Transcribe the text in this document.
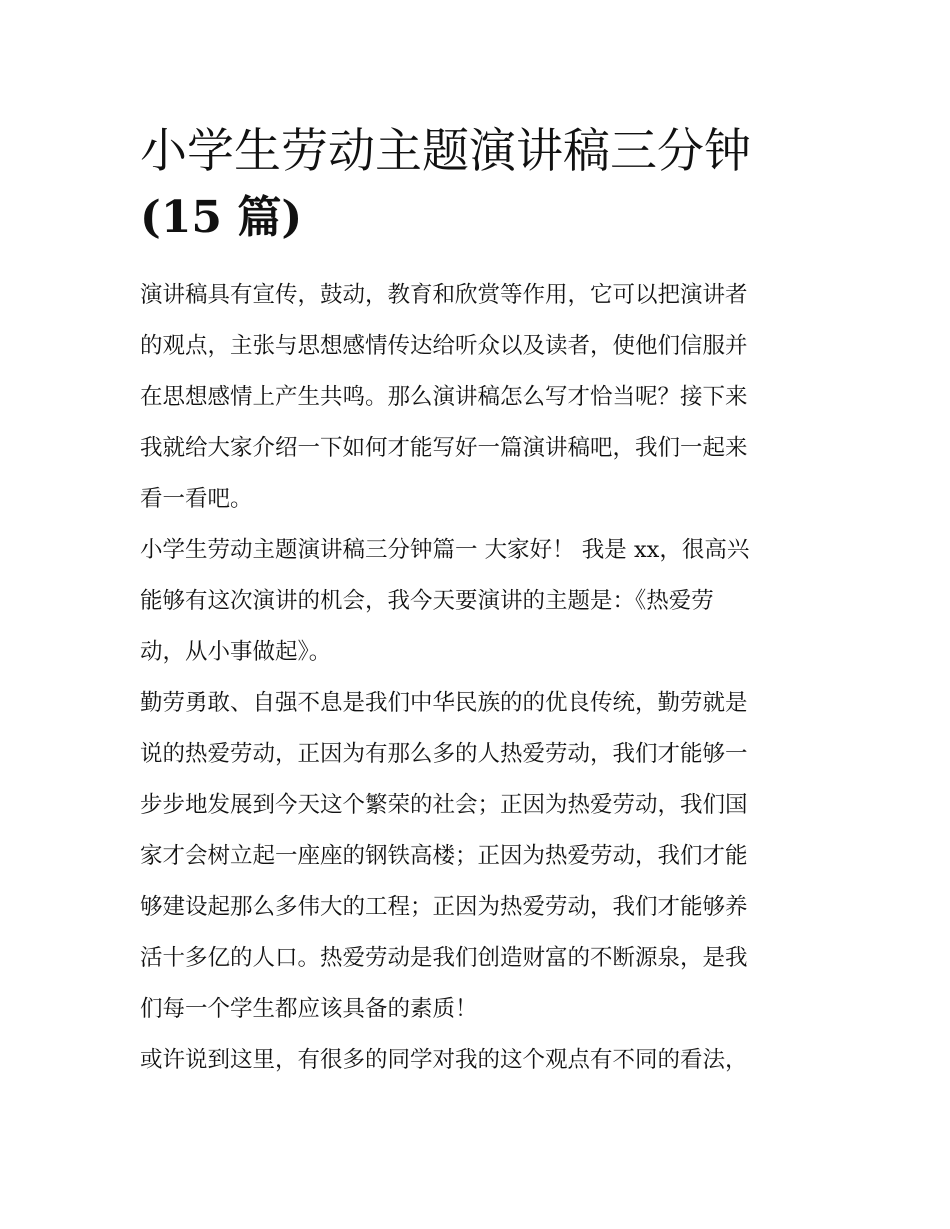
小学生劳动主题演讲稿三分钟
(15 篇)

演讲稿具有宣传，鼓动，教育和欣赏等作用，它可以把演讲者
的观点，主张与思想感情传达给听众以及读者，使他们信服并
在思想感情上产生共鸣。那么演讲稿怎么写才恰当呢？接下来
我就给大家介绍一下如何才能写好一篇演讲稿吧，我们一起来
看一看吧。

小学生劳动主题演讲稿三分钟篇一 大家好！ 我是 xx，很高兴
能够有这次演讲的机会，我今天要演讲的主题是：《热爱劳
动，从小事做起》。

勤劳勇敢、自强不息是我们中华民族的的优良传统，勤劳就是
说的热爱劳动，正因为有那么多的人热爱劳动，我们才能够一
步步地发展到今天这个繁荣的社会；正因为热爱劳动，我们国
家才会树立起一座座的钢铁高楼；正因为热爱劳动，我们才能
够建设起那么多伟大的工程；正因为热爱劳动，我们才能够养
活十多亿的人口。热爱劳动是我们创造财富的不断源泉，是我
们每一个学生都应该具备的素质！

或许说到这里，有很多的同学对我的这个观点有不同的看法，
